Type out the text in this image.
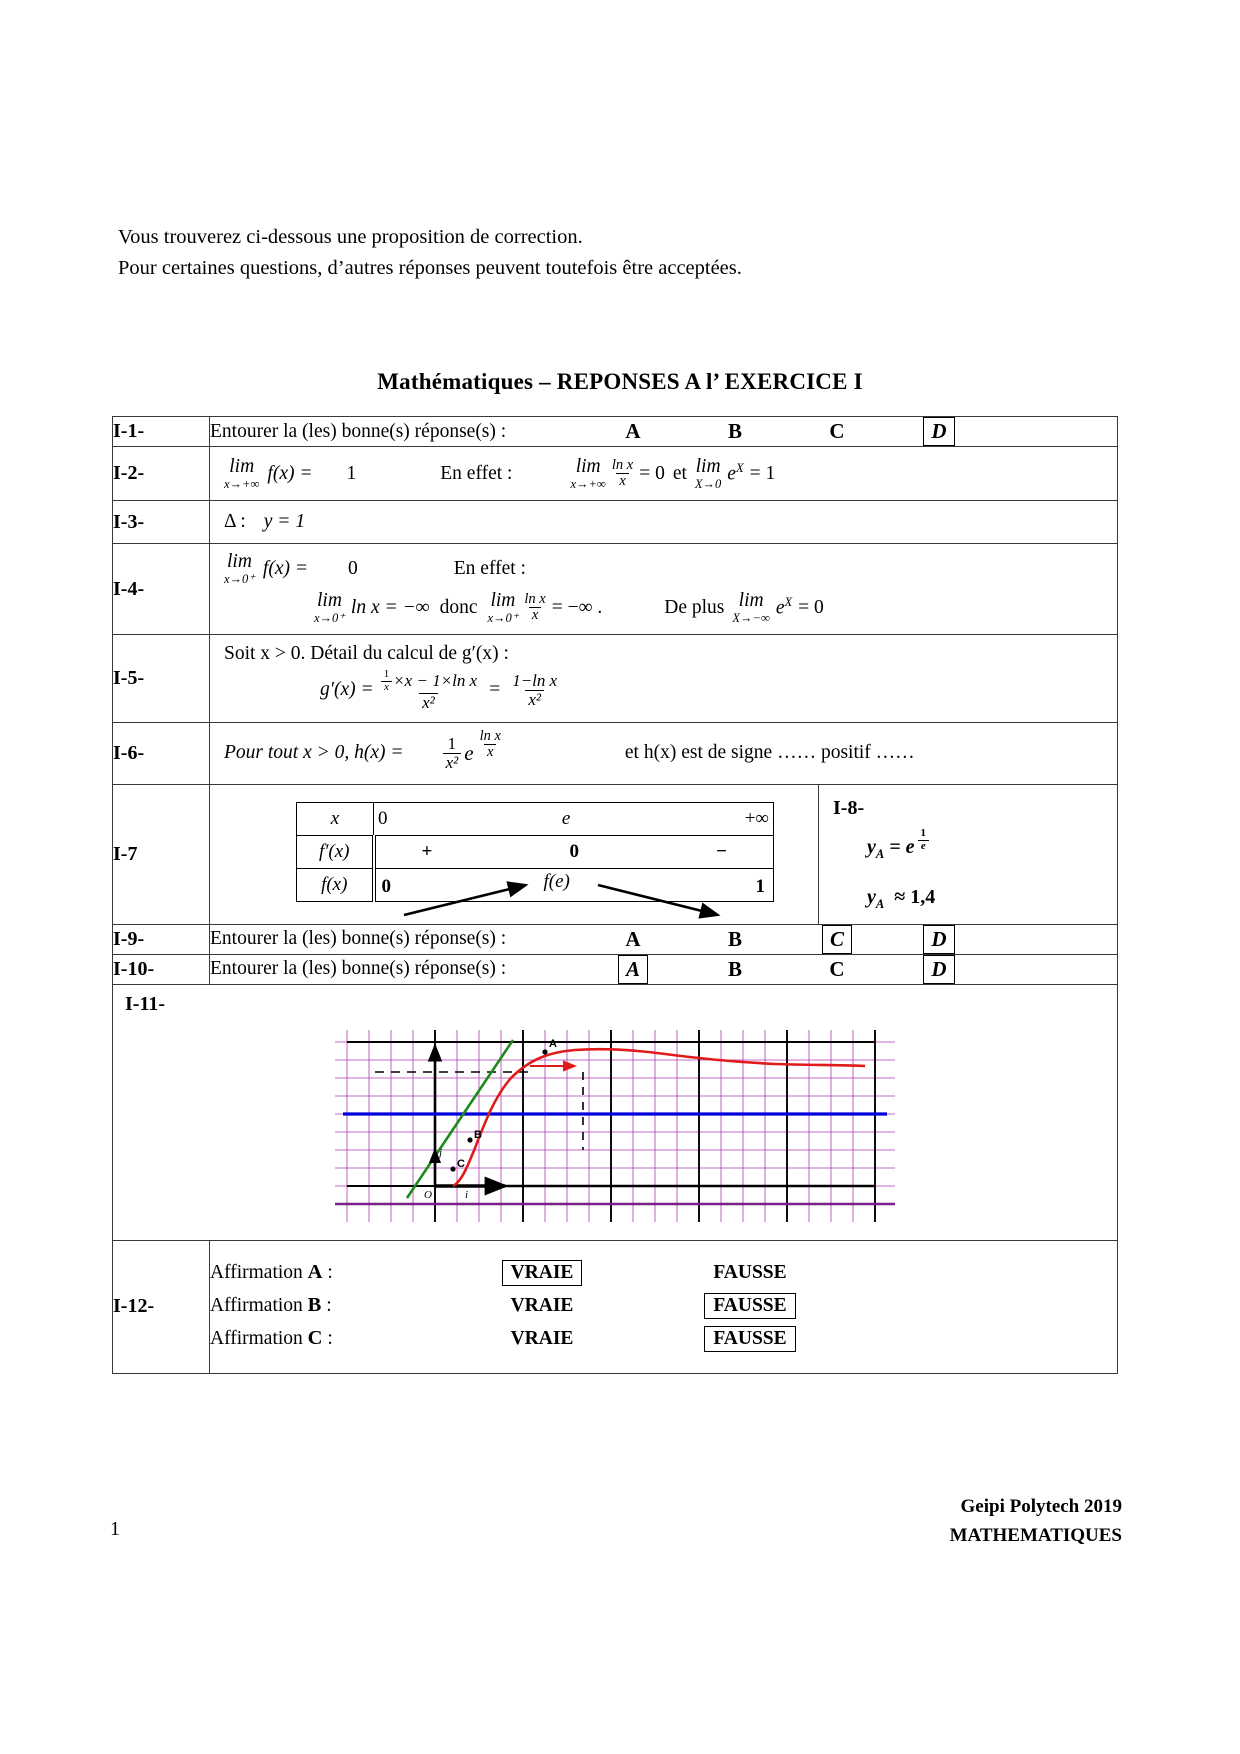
Vous trouverez ci-dessous une proposition de correction.
Pour certaines questions, d’autres réponses peuvent toutefois être acceptées.
Mathématiques – REPONSES A l’ EXERCICE I
I-1-	Entourer la (les) bonne(s) réponse(s) :	A	B	C	D

I-2-	lim
x→+∞ f(x) = 1	En effet :	lim
$x\to+\infty \frac{\text{ln x}}{x} = 0$ et lim
X→0 $e^X = 1$

I-3-	Δ : y = 1

I-4-	
lim
x→0⁺ f(x) = 0	En effet :
lim
x→0⁺ ln x = −∞ donc lim
$x\to 0^+ \frac{\text{ln x}}{x}$ = −∞ .	De plus lim
X→−∞ $e^X = 0$

I-5-	
Soit x > 0. Détail du calcul de g′(x) :
$g'(x) = \frac{\frac{1}{x} \times x - 1\times\ln x}{\text{x²}} = \frac{\text{1−ln x}}{\text{x²}}$

I-6-	Pour tout x > 0, $h(x) = \frac{1}{\text{x²}}$ e $\frac{\text{ln x}}{x}$	et h(x) est de signe …… positif ……

I-7	
x	0	e	+∞

f′(x)	+	0	−

f(x)	0	f(e)	1

I-8-
$y_A = e \frac{1}{e}$
$y_A \approx 1,4$

I-9-	Entourer la (les) bonne(s) réponse(s) :	A	B	C	D

I-10-	Entourer la (les) bonne(s) réponse(s) :	A	B	C	D

I-11-
A
B
C
O
j
i

I-12-	
Affirmation A :	VRAIE	FAUSSE
Affirmation B :	VRAIE	FAUSSE
Affirmation C :	VRAIE	FAUSSE
Geipi Polytech 2019
MATHEMATIQUES
1
